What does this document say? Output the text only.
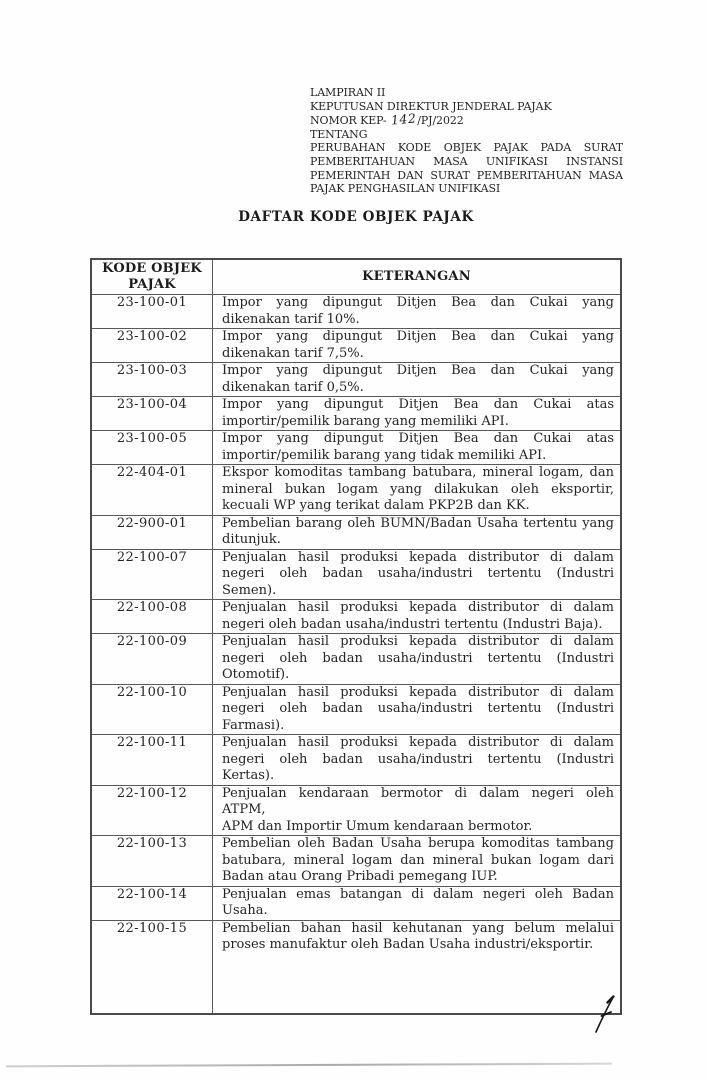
LAMPIRAN II
KEPUTUSAN DIREKTUR JENDERAL PAJAK
NOMOR KEP- 142/PJ/2022
TENTANG
PERUBAHAN KODE OBJEK PAJAK PADA SURAT
PEMBERITAHUAN MASA UNIFIKASI INSTANSI
PEMERINTAH DAN SURAT PEMBERITAHUAN MASA
PAJAK PENGHASILAN UNIFIKASI
DAFTAR KODE OBJEK PAJAK
KODE OBJEK PAJAK	KETERANGAN
23-100-01	Impor yang dipungut Ditjen Bea dan Cukai yang
dikenakan tarif 10%.

23-100-02	Impor yang dipungut Ditjen Bea dan Cukai yang
dikenakan tarif 7,5%.

23-100-03	Impor yang dipungut Ditjen Bea dan Cukai yang
dikenakan tarif 0,5%.

23-100-04	Impor yang dipungut Ditjen Bea dan Cukai atas
importir/pemilik barang yang memiliki API.

23-100-05	Impor yang dipungut Ditjen Bea dan Cukai atas
importir/pemilik barang yang tidak memiliki API.

22-404-01	Ekspor komoditas tambang batubara, mineral logam, dan
mineral bukan logam yang dilakukan oleh eksportir,
kecuali WP yang terikat dalam PKP2B dan KK.

22-900-01	Pembelian barang oleh BUMN/Badan Usaha tertentu yang
ditunjuk.

22-100-07	Penjualan hasil produksi kepada distributor di dalam
negeri oleh badan usaha/industri tertentu (Industri
Semen).

22-100-08	Penjualan hasil produksi kepada distributor di dalam
negeri oleh badan usaha/industri tertentu (Industri Baja).

22-100-09	Penjualan hasil produksi kepada distributor di dalam
negeri oleh badan usaha/industri tertentu (Industri
Otomotif).

22-100-10	Penjualan hasil produksi kepada distributor di dalam
negeri oleh badan usaha/industri tertentu (Industri
Farmasi).

22-100-11	Penjualan hasil produksi kepada distributor di dalam
negeri oleh badan usaha/industri tertentu (Industri
Kertas).

22-100-12	Penjualan kendaraan bermotor di dalam negeri oleh ATPM,
APM dan Importir Umum kendaraan bermotor.

22-100-13	Pembelian oleh Badan Usaha berupa komoditas tambang
batubara, mineral logam dan mineral bukan logam dari
Badan atau Orang Pribadi pemegang IUP.

22-100-14	Penjualan emas batangan di dalam negeri oleh Badan
Usaha.

22-100-15	Pembelian bahan hasil kehutanan yang belum melalui
proses manufaktur oleh Badan Usaha industri/eksportir.
